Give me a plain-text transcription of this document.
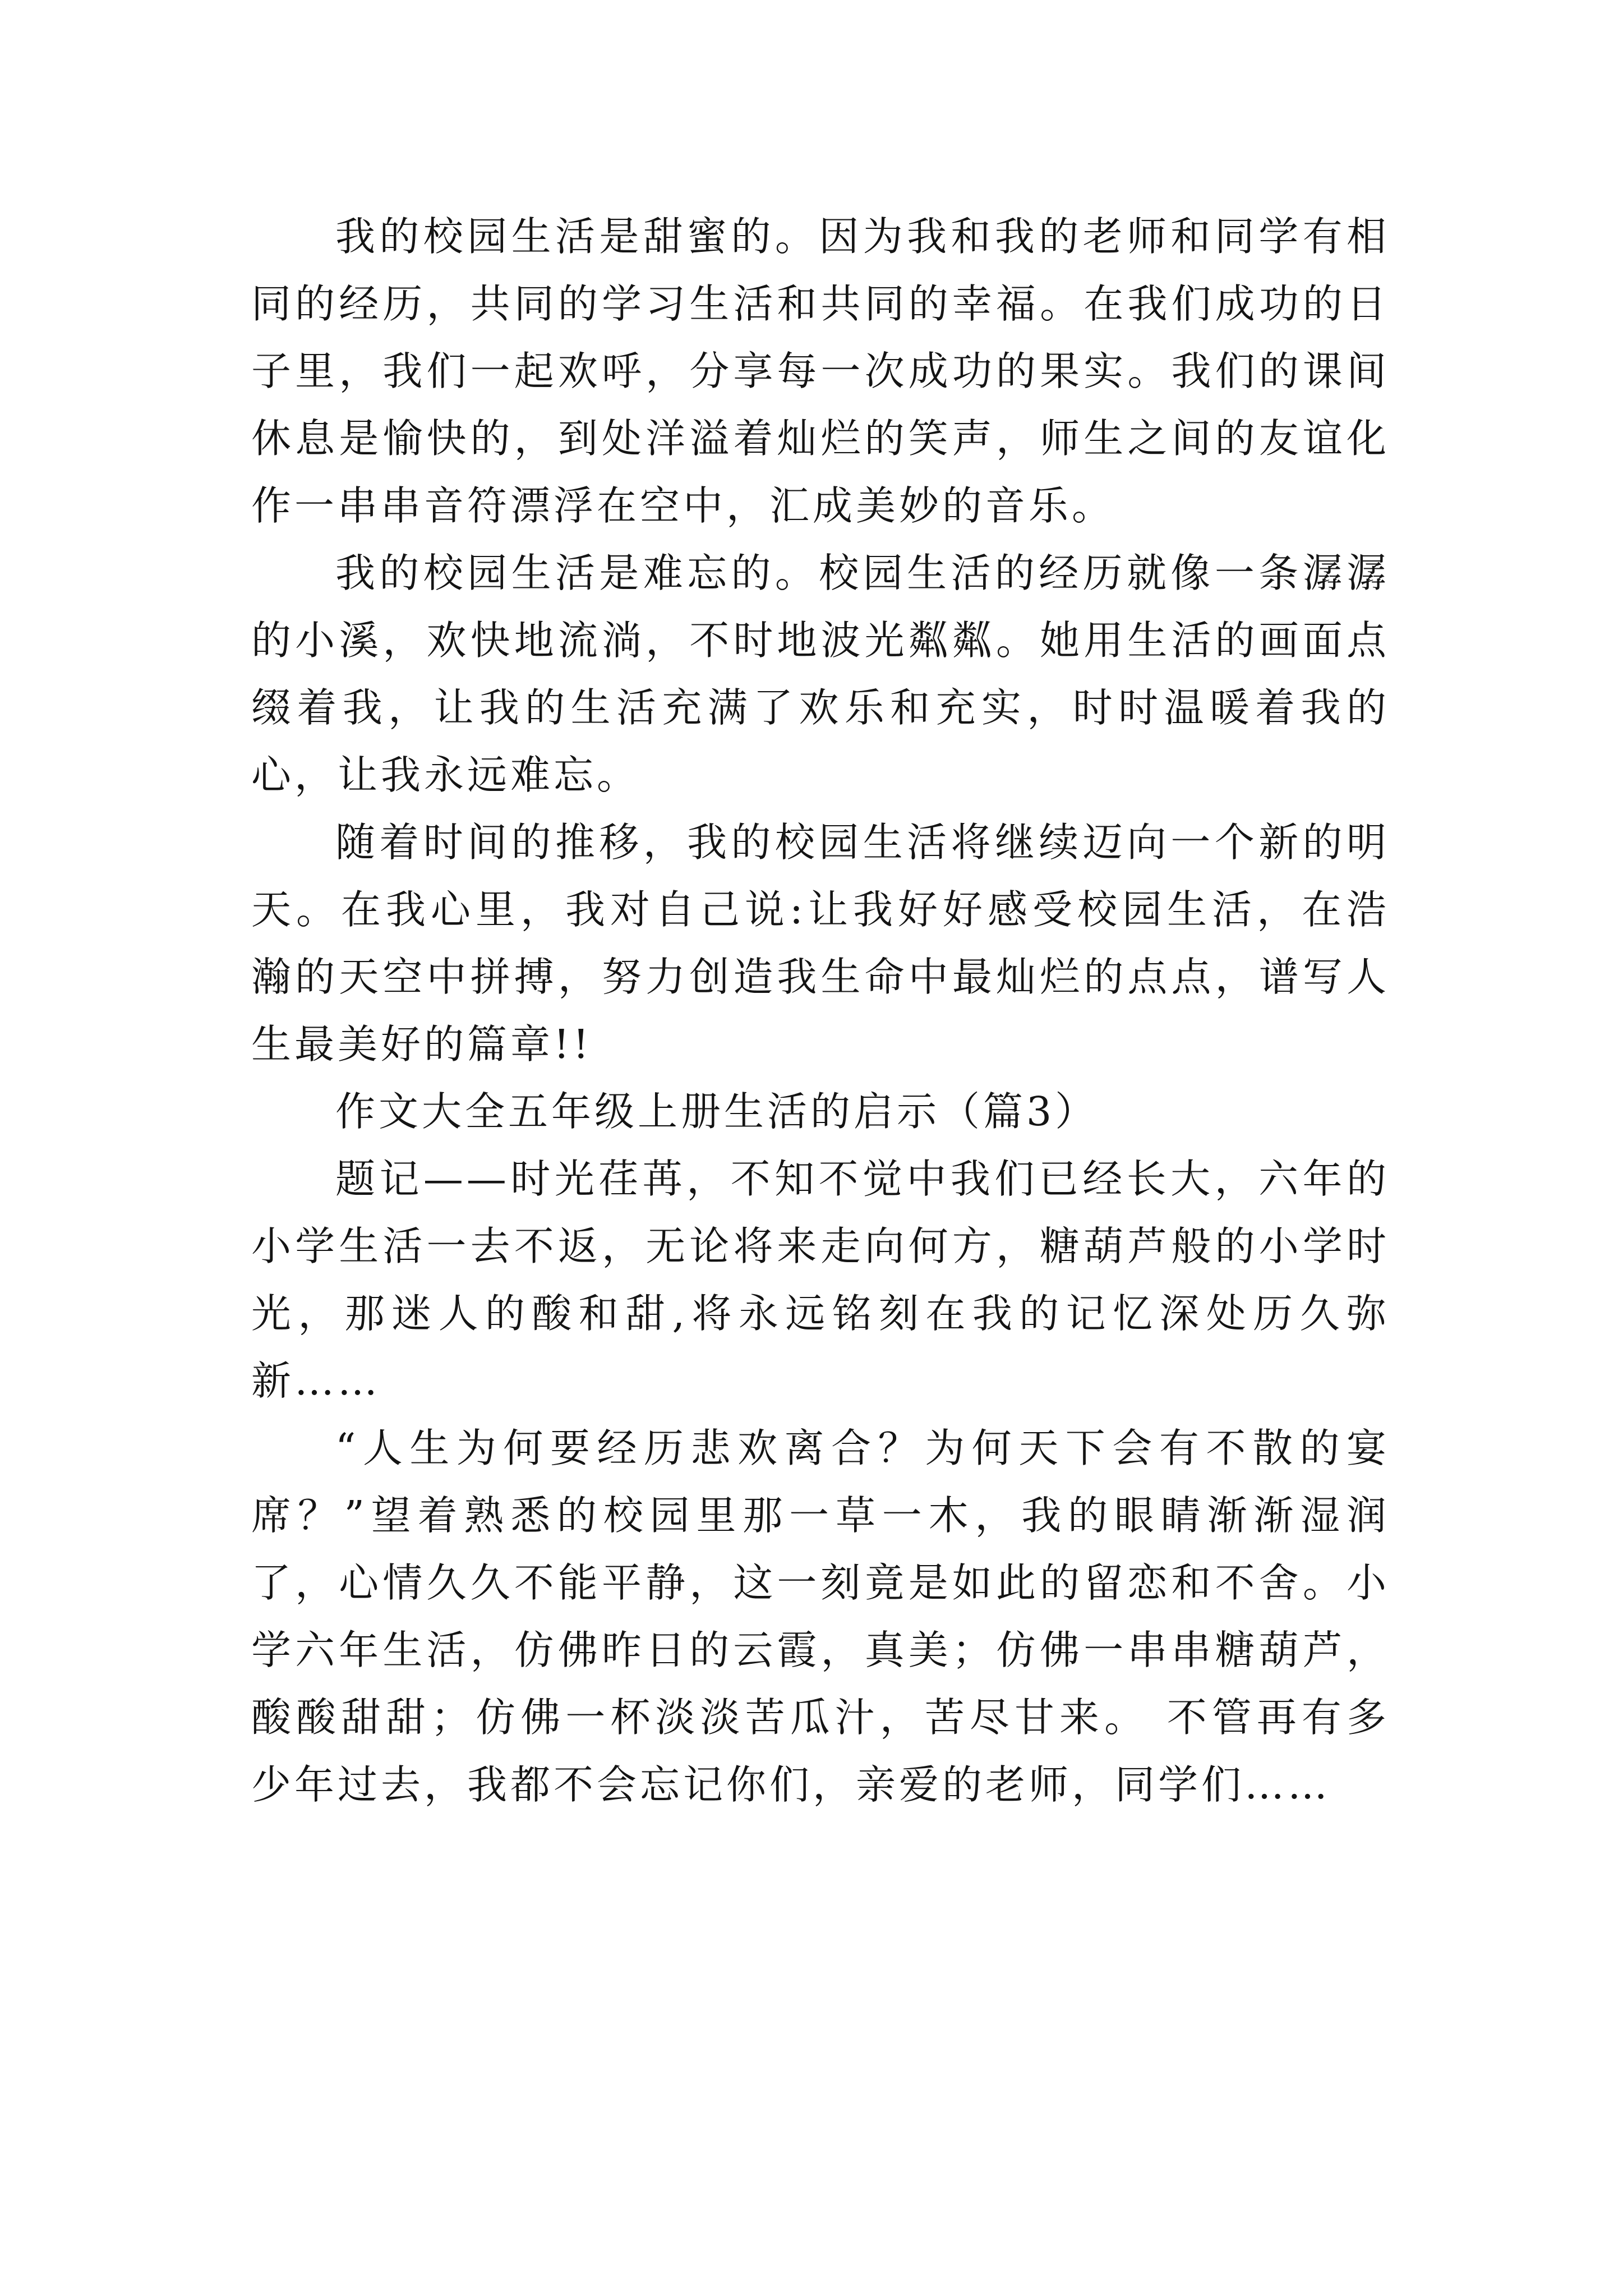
我的校园生活是甜蜜的。因为我和我的老师和同学有相同的经历，共同的学习生活和共同的幸福。在我们成功的日子里，我们一起欢呼，分享每一次成功的果实。我们的课间休息是愉快的，到处洋溢着灿烂的笑声，师生之间的友谊化作一串串音符漂浮在空中，汇成美妙的音乐。

我的校园生活是难忘的。校园生活的经历就像一条潺潺的小溪，欢快地流淌，不时地波光粼粼。她用生活的画面点缀着我，让我的生活充满了欢乐和充实，时时温暖着我的心，让我永远难忘。

随着时间的推移，我的校园生活将继续迈向一个新的明天。在我心里，我对自己说:让我好好感受校园生活，在浩瀚的天空中拼搏，努力创造我生命中最灿烂的点点，谱写人生最美好的篇章!!

作文大全五年级上册生活的启示（篇3）

题记——时光荏苒，不知不觉中我们已经长大，六年的小学生活一去不返，无论将来走向何方，糖葫芦般的小学时光，那迷人的酸和甜,将永远铭刻在我的记忆深处历久弥新……

“人生为何要经历悲欢离合？为何天下会有不散的宴席？”望着熟悉的校园里那一草一木，我的眼睛渐渐湿润了，心情久久不能平静，这一刻竟是如此的留恋和不舍。小学六年生活，仿佛昨日的云霞，真美；仿佛一串串糖葫芦，酸酸甜甜；仿佛一杯淡淡苦瓜汁，苦尽甘来。 不管再有多少年过去，我都不会忘记你们，亲爱的老师，同学们……
